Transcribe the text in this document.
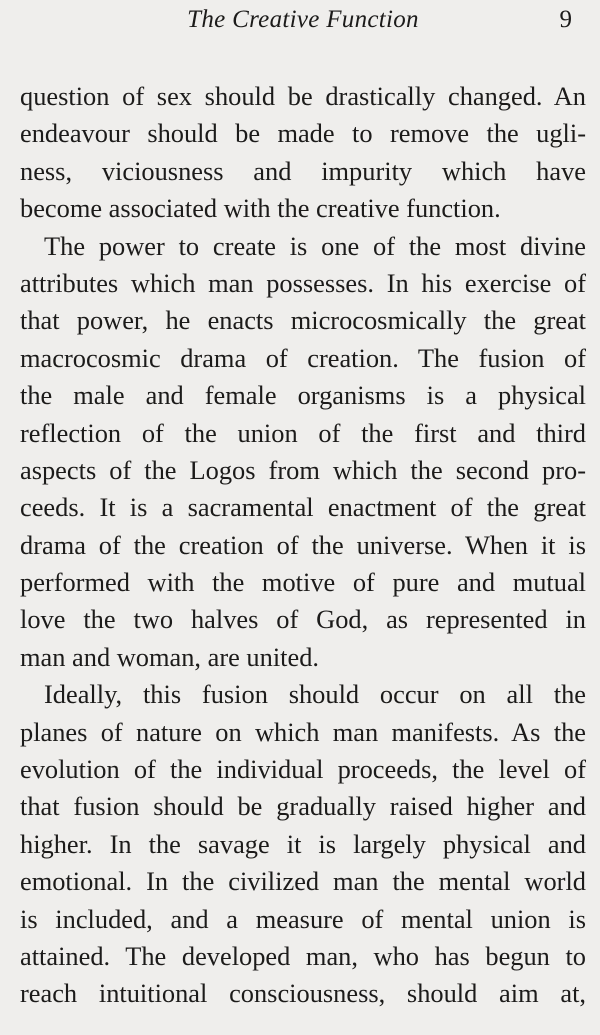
The Creative Function	9
question of sex should be drastically changed. An
endeavour should be made to remove the ugli-
ness, viciousness and impurity which have
become associated with the creative function.
The power to create is one of the most divine
attributes which man possesses. In his exercise of
that power, he enacts microcosmically the great
macrocosmic drama of creation. The fusion of
the male and female organisms is a physical
reflection of the union of the first and third
aspects of the Logos from which the second pro-
ceeds. It is a sacramental enactment of the great
drama of the creation of the universe. When it is
performed with the motive of pure and mutual
love the two halves of God, as represented in
man and woman, are united.
Ideally, this fusion should occur on all the
planes of nature on which man manifests. As the
evolution of the individual proceeds, the level of
that fusion should be gradually raised higher and
higher. In the savage it is largely physical and
emotional. In the civilized man the mental world
is included, and a measure of mental union is
attained. The developed man, who has begun to
reach intuitional consciousness, should aim at,
